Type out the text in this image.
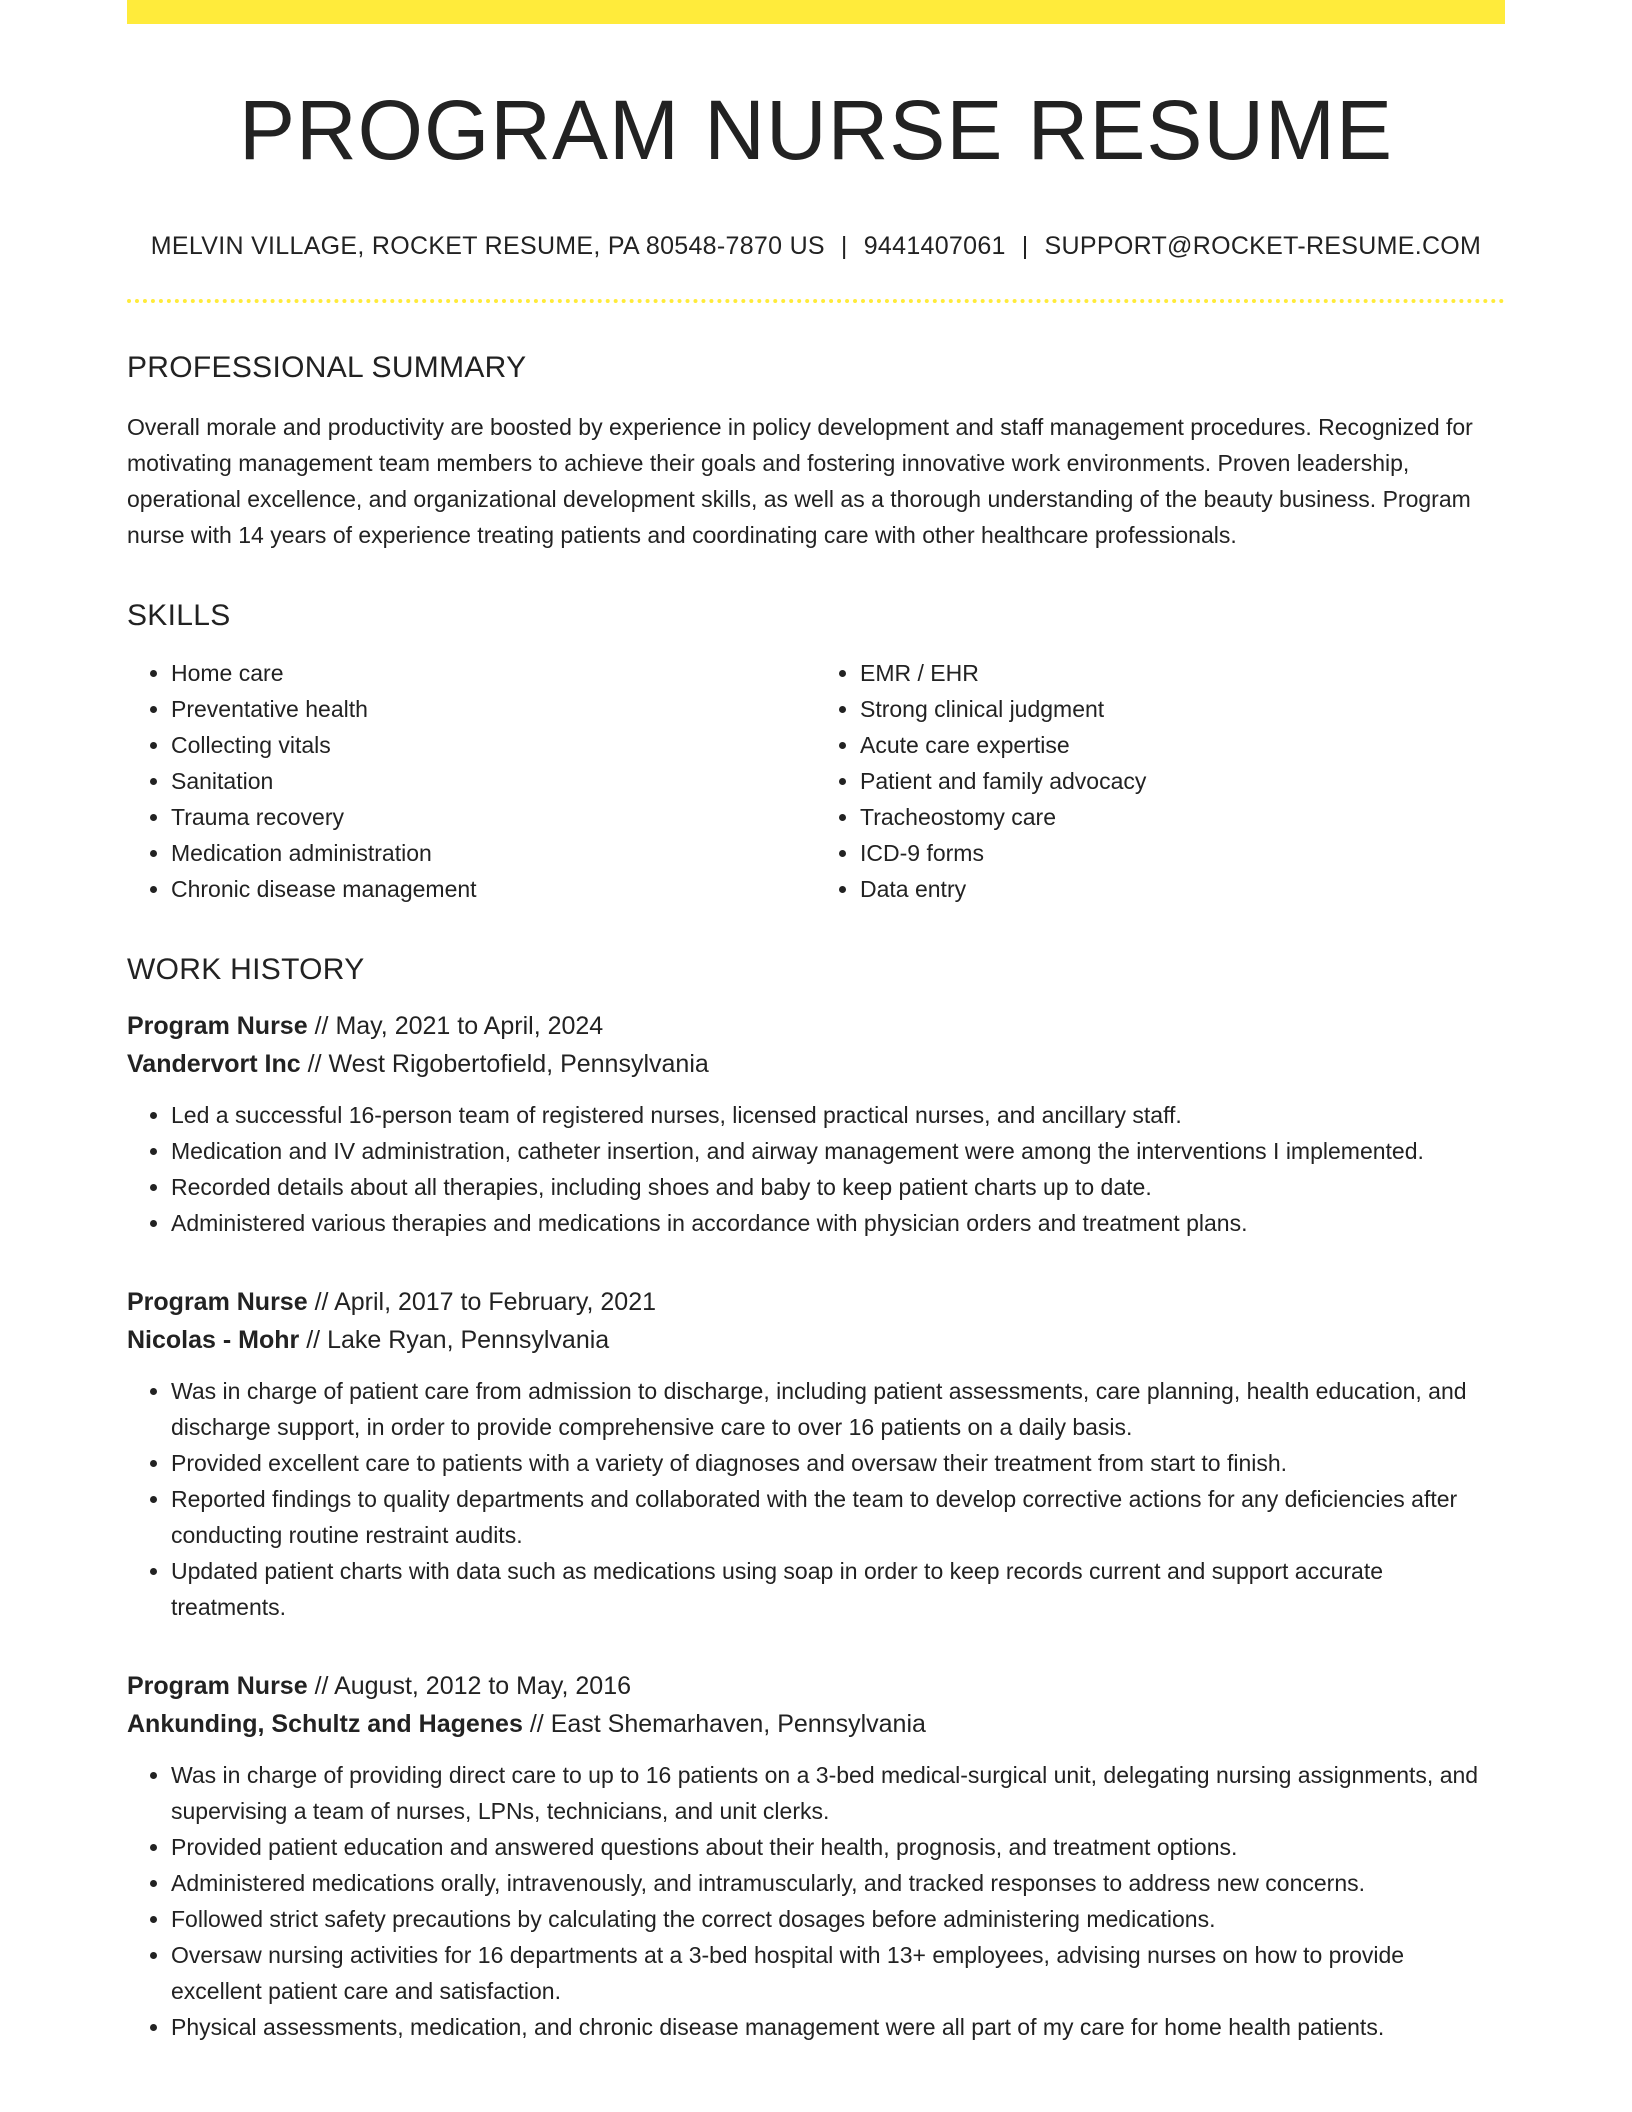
PROGRAM NURSE RESUME
MELVIN VILLAGE, ROCKET RESUME, PA 80548-7870 US | 9441407061 | SUPPORT@ROCKET-RESUME.COM
PROFESSIONAL SUMMARY

Overall morale and productivity are boosted by experience in policy development and staff management procedures. Recognized for motivating management team members to achieve their goals and fostering innovative work environments. Proven leadership, operational excellence, and organizational development skills, as well as a thorough understanding of the beauty business. Program nurse with 14 years of experience treating patients and coordinating care with other healthcare professionals.

SKILLS
• Home care
• Preventative health
• Collecting vitals
• Sanitation
• Trauma recovery
• Medication administration
• Chronic disease management
• EMR / EHR
• Strong clinical judgment
• Acute care expertise
• Patient and family advocacy
• Tracheostomy care
• ICD-9 forms
• Data entry
WORK HISTORY
Program Nurse // May, 2021 to April, 2024
Vandervort Inc // West Rigobertofield, Pennsylvania
• Led a successful 16-person team of registered nurses, licensed practical nurses, and ancillary staff.
• Medication and IV administration, catheter insertion, and airway management were among the interventions I implemented.
• Recorded details about all therapies, including shoes and baby to keep patient charts up to date.
• Administered various therapies and medications in accordance with physician orders and treatment plans.
Program Nurse // April, 2017 to February, 2021
Nicolas - Mohr // Lake Ryan, Pennsylvania
• Was in charge of patient care from admission to discharge, including patient assessments, care planning, health education, and discharge support, in order to provide comprehensive care to over 16 patients on a daily basis.
• Provided excellent care to patients with a variety of diagnoses and oversaw their treatment from start to finish.
• Reported findings to quality departments and collaborated with the team to develop corrective actions for any deficiencies after conducting routine restraint audits.
• Updated patient charts with data such as medications using soap in order to keep records current and support accurate treatments.
Program Nurse // August, 2012 to May, 2016
Ankunding, Schultz and Hagenes // East Shemarhaven, Pennsylvania
• Was in charge of providing direct care to up to 16 patients on a 3-bed medical-surgical unit, delegating nursing assignments, and supervising a team of nurses, LPNs, technicians, and unit clerks.
• Provided patient education and answered questions about their health, prognosis, and treatment options.
• Administered medications orally, intravenously, and intramuscularly, and tracked responses to address new concerns.
• Followed strict safety precautions by calculating the correct dosages before administering medications.
• Oversaw nursing activities for 16 departments at a 3-bed hospital with 13+ employees, advising nurses on how to provide excellent patient care and satisfaction.
• Physical assessments, medication, and chronic disease management were all part of my care for home health patients.
